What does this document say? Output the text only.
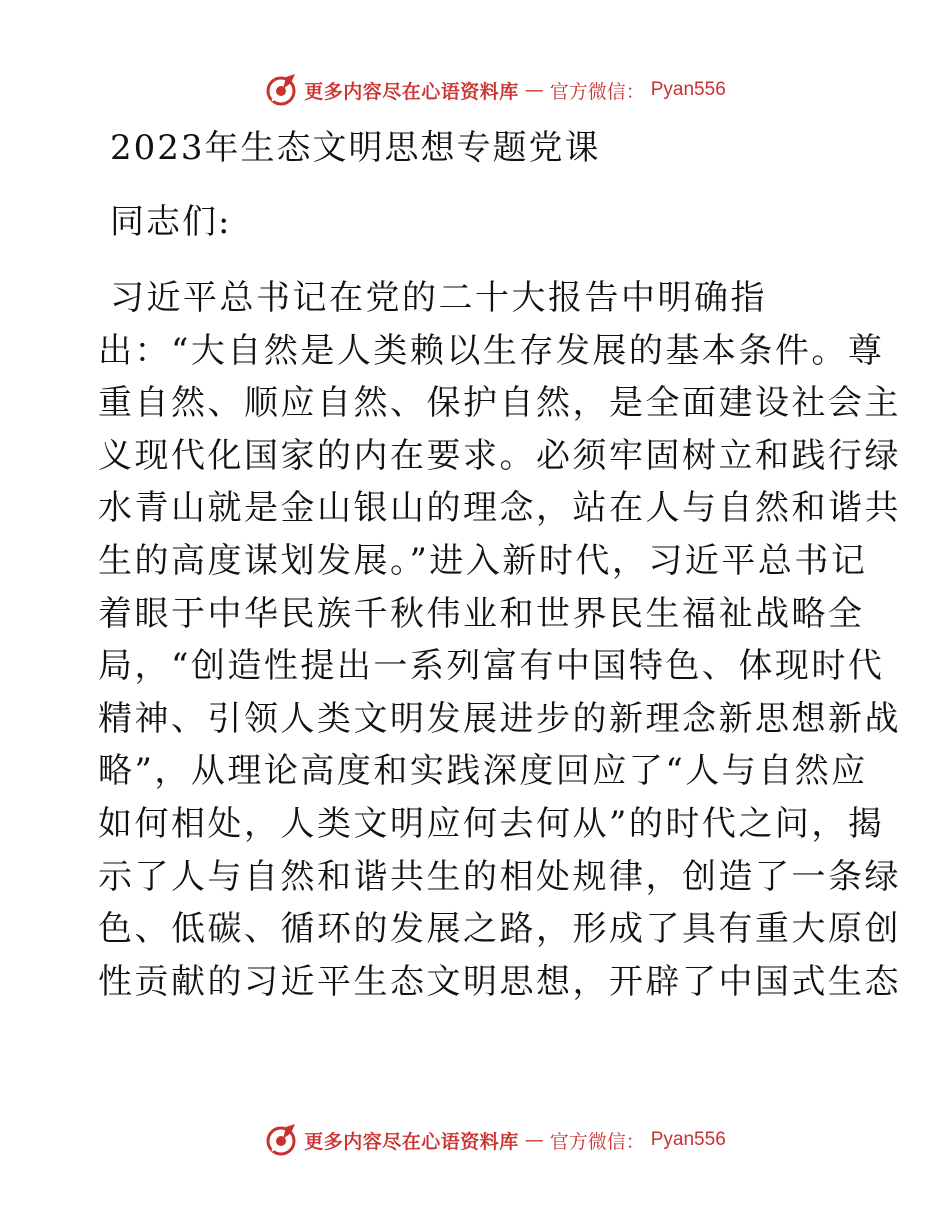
更多内容尽在心语资料库 — 官方微信： Pyan556
2023年生态文明思想专题党课
同志们:
习近平总书记在党的二十大报告中明确指
出：“大自然是人类赖以生存发展的基本条件。尊
重自然、顺应自然、保护自然，是全面建设社会主
义现代化国家的内在要求。必须牢固树立和践行绿
水青山就是金山银山的理念，站在人与自然和谐共
生的高度谋划发展。”进入新时代，习近平总书记
着眼于中华民族千秋伟业和世界民生福祉战略全
局，“创造性提出一系列富有中国特色、体现时代
精神、引领人类文明发展进步的新理念新思想新战
略”，从理论高度和实践深度回应了“人与自然应
如何相处，人类文明应何去何从”的时代之问，揭
示了人与自然和谐共生的相处规律，创造了一条绿
色、低碳、循环的发展之路，形成了具有重大原创
性贡献的习近平生态文明思想，开辟了中国式生态
更多内容尽在心语资料库 — 官方微信： Pyan556
